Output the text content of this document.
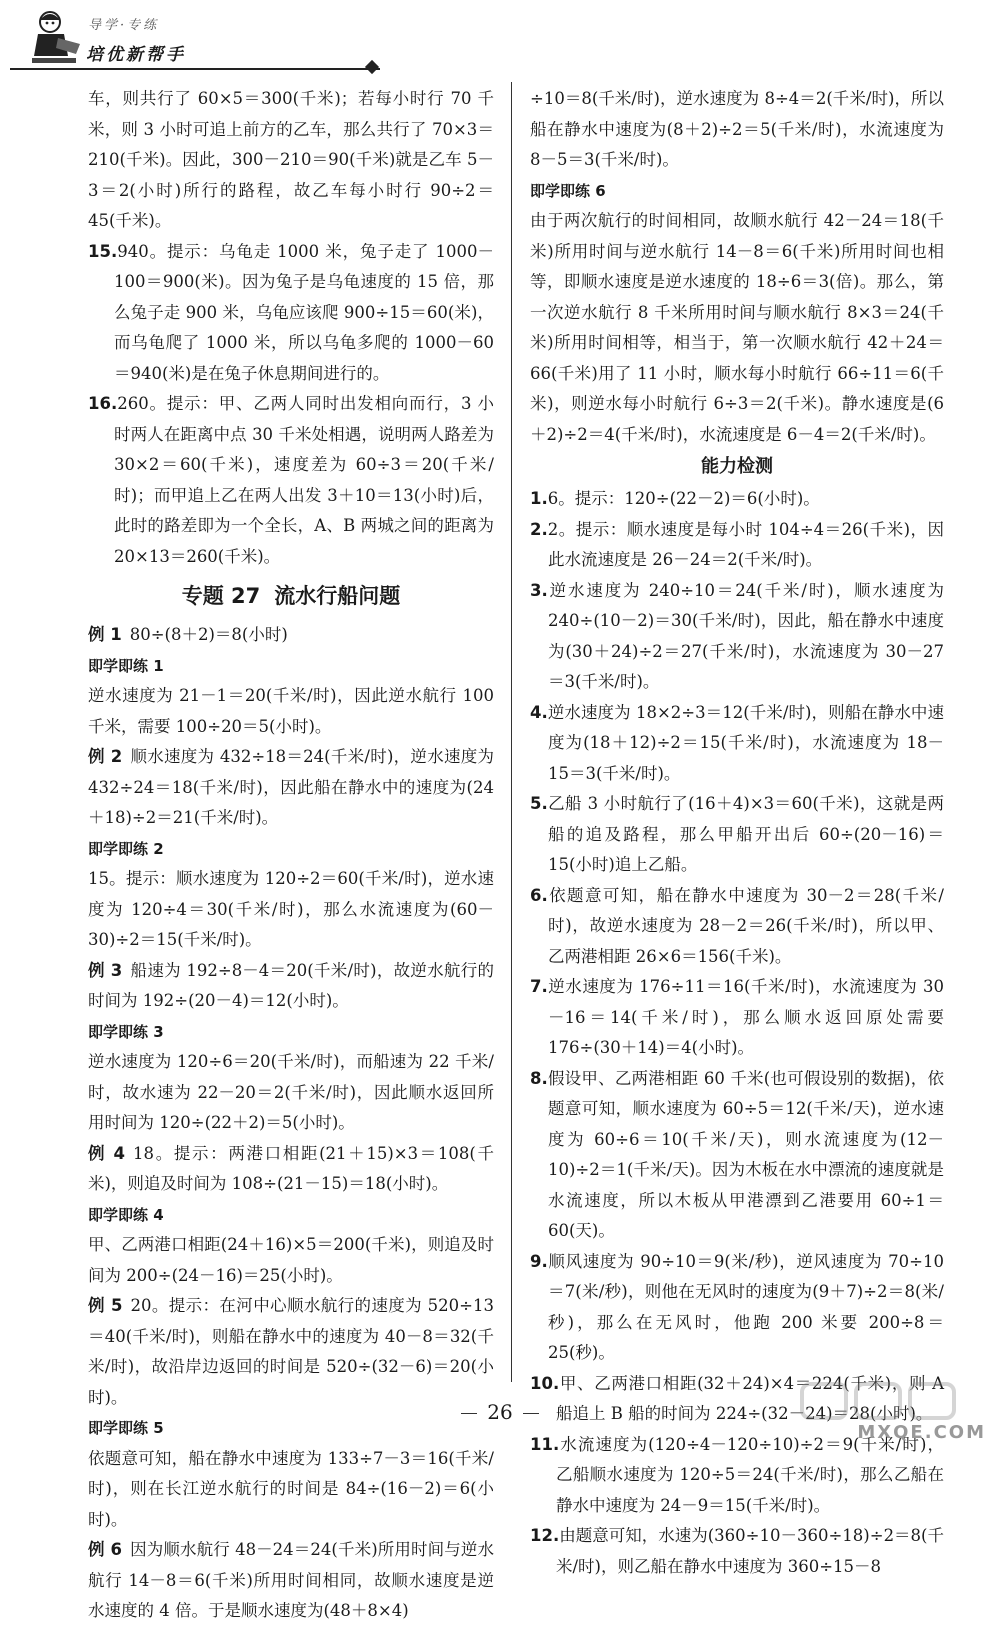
导学·专练
培优新帮手

车，则共行了 60×5＝300(千米)；若每小时行 70 千米，则 3 小时可追上前方的乙车，那么共行了 70×3＝210(千米)。因此，300－210＝90(千米)就是乙车 5－3＝2(小时)所行的路程，故乙车每小时行 90÷2＝45(千米)。

15.940。提示：乌龟走 1000 米，兔子走了 1000－100＝900(米)。因为兔子是乌龟速度的 15 倍，那么兔子走 900 米，乌龟应该爬 900÷15＝60(米)，而乌龟爬了 1000 米，所以乌龟多爬的 1000－60＝940(米)是在兔子休息期间进行的。

16.260。提示：甲、乙两人同时出发相向而行，3 小时两人在距离中点 30 千米处相遇，说明两人路差为 30×2＝60(千米)，速度差为 60÷3＝20(千米/时)；而甲追上乙在两人出发 3＋10＝13(小时)后，此时的路差即为一个全长，A、B 两城之间的距离为 20×13＝260(千米)。

专题 27 流水行船问题

例 1 80÷(8＋2)＝8(小时)

即学即练 1

逆水速度为 21－1＝20(千米/时)，因此逆水航行 100 千米，需要 100÷20＝5(小时)。

例 2 顺水速度为 432÷18＝24(千米/时)，逆水速度为 432÷24＝18(千米/时)，因此船在静水中的速度为(24＋18)÷2＝21(千米/时)。

即学即练 2

15。提示：顺水速度为 120÷2＝60(千米/时)，逆水速度为 120÷4＝30(千米/时)，那么水流速度为(60－30)÷2＝15(千米/时)。

例 3 船速为 192÷8－4＝20(千米/时)，故逆水航行的时间为 192÷(20－4)＝12(小时)。

即学即练 3

逆水速度为 120÷6＝20(千米/时)，而船速为 22 千米/时，故水速为 22－20＝2(千米/时)，因此顺水返回所用时间为 120÷(22＋2)＝5(小时)。

例 4 18。提示：两港口相距(21＋15)×3＝108(千米)，则追及时间为 108÷(21－15)＝18(小时)。

即学即练 4

甲、乙两港口相距(24＋16)×5＝200(千米)，则追及时间为 200÷(24－16)＝25(小时)。

例 5 20。提示：在河中心顺水航行的速度为 520÷13＝40(千米/时)，则船在静水中的速度为 40－8＝32(千米/时)，故沿岸边返回的时间是 520÷(32－6)＝20(小时)。

即学即练 5

依题意可知，船在静水中速度为 133÷7－3＝16(千米/时)，则在长江逆水航行的时间是 84÷(16－2)＝6(小时)。

例 6 因为顺水航行 48－24＝24(千米)所用时间与逆水航行 14－8＝6(千米)所用时间相同，故顺水速度是逆水速度的 4 倍。于是顺水速度为(48＋8×4)

÷10＝8(千米/时)，逆水速度为 8÷4＝2(千米/时)，所以船在静水中速度为(8＋2)÷2＝5(千米/时)，水流速度为 8－5＝3(千米/时)。

即学即练 6

由于两次航行的时间相同，故顺水航行 42－24＝18(千米)所用时间与逆水航行 14－8＝6(千米)所用时间也相等，即顺水速度是逆水速度的 18÷6＝3(倍)。那么，第一次逆水航行 8 千米所用时间与顺水航行 8×3＝24(千米)所用时间相等，相当于，第一次顺水航行 42＋24＝66(千米)用了 11 小时，顺水每小时航行 66÷11＝6(千米)，则逆水每小时航行 6÷3＝2(千米)。静水速度是(6＋2)÷2＝4(千米/时)，水流速度是 6－4＝2(千米/时)。

能力检测

1.6。提示：120÷(22－2)＝6(小时)。

2.2。提示：顺水速度是每小时 104÷4＝26(千米)，因此水流速度是 26－24＝2(千米/时)。

3.逆水速度为 240÷10＝24(千米/时)，顺水速度为 240÷(10－2)＝30(千米/时)，因此，船在静水中速度为(30＋24)÷2＝27(千米/时)，水流速度为 30－27＝3(千米/时)。

4.逆水速度为 18×2÷3＝12(千米/时)，则船在静水中速度为(18＋12)÷2＝15(千米/时)，水流速度为 18－15＝3(千米/时)。

5.乙船 3 小时航行了(16＋4)×3＝60(千米)，这就是两船的追及路程，那么甲船开出后 60÷(20－16)＝15(小时)追上乙船。

6.依题意可知，船在静水中速度为 30－2＝28(千米/时)，故逆水速度为 28－2＝26(千米/时)，所以甲、乙两港相距 26×6＝156(千米)。

7.逆水速度为 176÷11＝16(千米/时)，水流速度为 30－16＝14(千米/时)，那么顺水返回原处需要 176÷(30＋14)＝4(小时)。

8.假设甲、乙两港相距 60 千米(也可假设别的数据)，依题意可知，顺水速度为 60÷5＝12(千米/天)，逆水速度为 60÷6＝10(千米/天)，则水流速度为(12－10)÷2＝1(千米/天)。因为木板在水中漂流的速度就是水流速度，所以木板从甲港漂到乙港要用 60÷1＝60(天)。

9.顺风速度为 90÷10＝9(米/秒)，逆风速度为 70÷10＝7(米/秒)，则他在无风时的速度为(9＋7)÷2＝8(米/秒)，那么在无风时，他跑 200 米要 200÷8＝25(秒)。

10.甲、乙两港口相距(32＋24)×4＝224(千米)，则 A 船追上 B 船的时间为 224÷(32－24)＝28(小时)。

11.水流速度为(120÷4－120÷10)÷2＝9(千米/时)，乙船顺水速度为 120÷5＝24(千米/时)，那么乙船在静水中速度为 24－9＝15(千米/时)。

12.由题意可知，水速为(360÷10－360÷18)÷2＝8(千米/时)，则乙船在静水中速度为 360÷15－8

26
MXQE.COM
